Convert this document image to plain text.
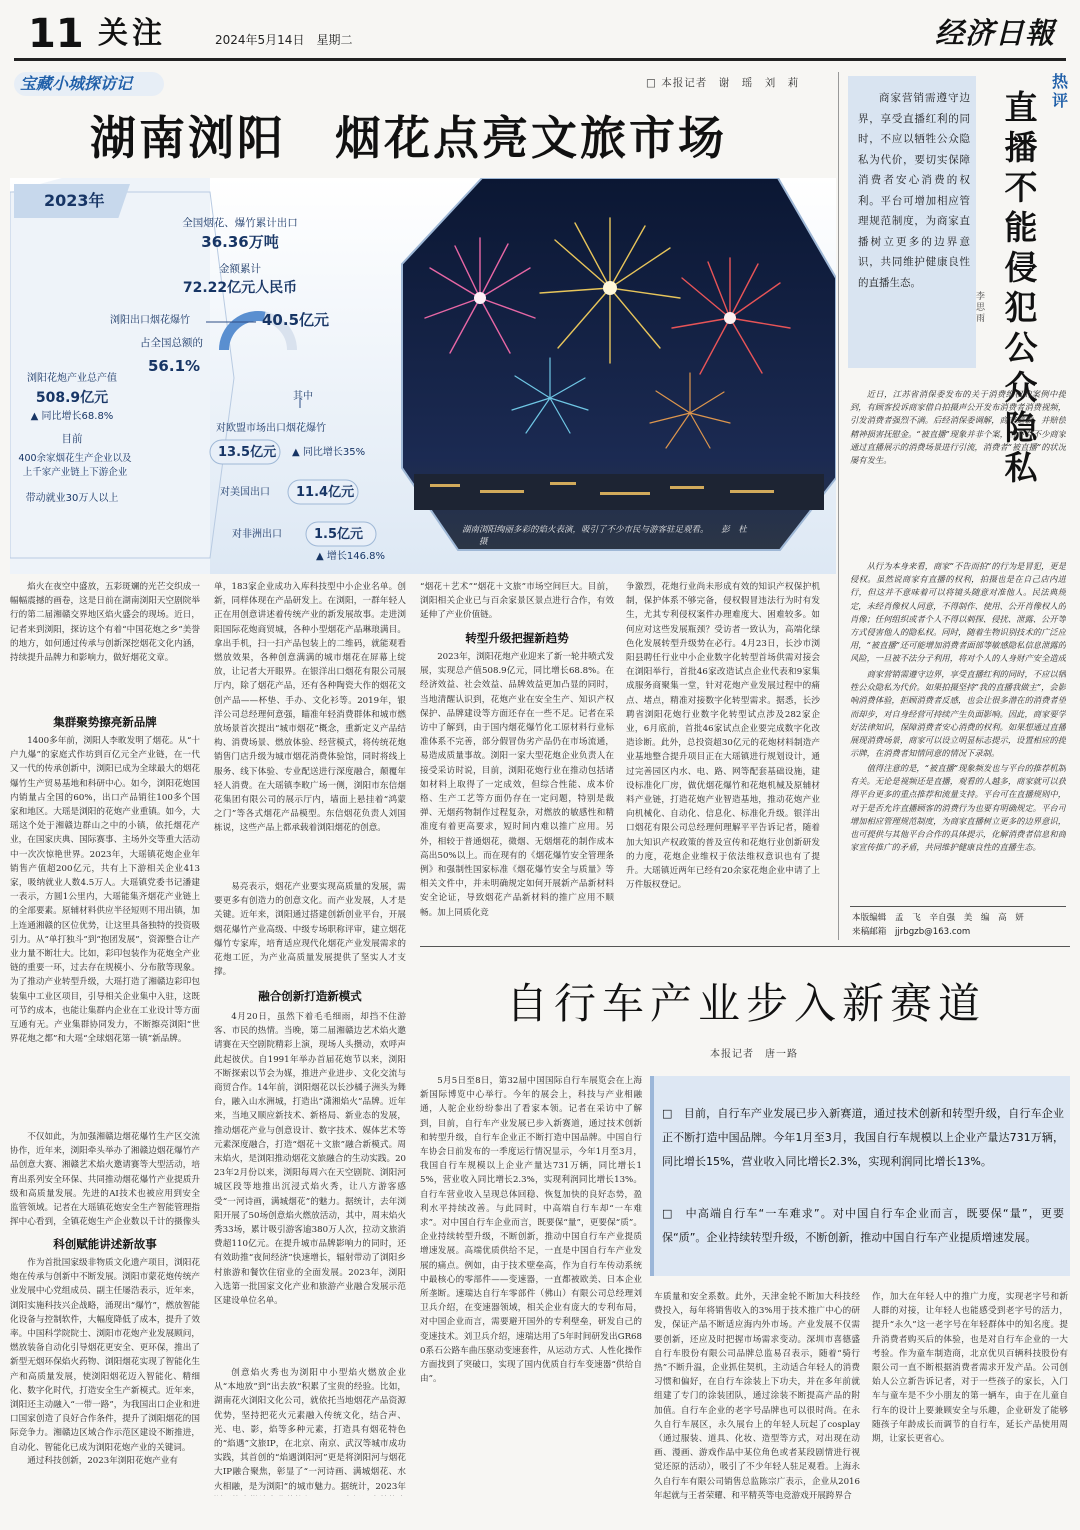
11 关注	2024年5月14日　星期二	经济日報
宝藏小城探访记	□ 本报记者　谢　瑶　刘　莉
湖南浏阳　烟花点亮文旅市场
2023年
全国烟花、爆竹累计出口
36.36万吨
金额累计
72.22亿元人民币
浏阳出口烟花爆竹	40.5亿元
占全国总额的
56.1%
浏阳花炮产业总产值
508.9亿元
▲ 同比增长68.8%
目前
400余家烟花生产企业以及上千家产业链上下游企业
带动就业30万人以上
其中
对欧盟市场出口烟花爆竹
13.5亿元 ▲ 同比增长35%
对美国出口 11.4亿元
对非洲出口 1.5亿元
▲ 增长146.8%
湖南浏阳绚丽多彩的焰火表演，吸引了不少市民与游客驻足观看。　　彭　杜 　　摄
焰火在夜空中盛放，五彩斑斓的光芒交织成一幅幅震撼的画卷，这是日前在湖南浏阳天空剧院举行的第二届湘赣交界地区焰火盛会的现场。近日，记者来到浏阳，探访这个有着“中国花炮之乡”美誉的地方，如何通过传承与创新深挖烟花文化内涵，持续提升品牌力和影响力，做好烟花文章。
集群聚势擦亮新品牌
1400多年前，浏阳人李畋发明了烟花。从“十户九爆”的家庭式作坊到百亿元全产业链，在一代又一代的传承创新中，浏阳已成为全球最大的烟花爆竹生产贸易基地和科研中心。如今，浏阳花炮国内销量占全国的60%，出口产品销往100多个国家和地区。大瑶是浏阳的花炮产业重镇。如今，大瑶这个处于湘赣边群山之中的小镇，依托烟花产业，在国家庆典、国际赛事、主场外交等重大活动中一次次惊艳世界。2023年，大瑶镇花炮企业年销售产值超200亿元，共有上下游相关企业413家，吸纳就业人数4.5万人。大瑶镇党委书记潘建一表示，方圆1公里内，大瑶能集齐烟花产业链上的全部要素。原辅材料供应半径短则不用出镇，加上连通湘赣的区位优势，让这里具备独特的投资吸引力。从“单打独斗”到“抱团发展”，资源整合让产业力量不断壮大。比如，彩印包装作为花炮全产业链的重要一环，过去存在规模小、分布散等现象。为了推动产业转型升级，大瑶打造了湘赣边彩印包装集中工业区项目，引导相关企业集中入驻，这既可节约成本，也能让集群内企业在工业设计等方面互通有无。产业集群协同发力，不断擦亮浏阳“世界花炮之都”和大瑶“全球烟花第一镇”新品牌。
不仅如此，为加强湘赣边烟花爆竹生产区交流协作，近年来，浏阳牵头举办了湘赣边烟花爆竹产品创意大赛、湘赣艺术焰火邀请赛等大型活动，培育出系列安全环保、共同推动烟花爆竹产业提质升级和高质量发展。先进的AI技术也被应用到安全监管领域。记者在大瑶镇花炮安全生产智能管理指挥中心看到，全镇花炮生产企业数以千计的摄像头
科创赋能讲述新故事
作为首批国家级非物质文化遗产项目，浏阳花炮在传承与创新中不断发展。浏阳市蒙花炮传统产业发展中心党组成员、副主任屡浩表示，近年来，浏阳实施科技兴企战略，涌现出“爆竹”，燃放智能化设备与控制软件，大幅度降低了成本，提升了效率。中国科学院院士、浏阳市花炮产业发展顾问，燃放装备自动化引导烟花更安全、更环保，推出了新型无烟环保焰火药物、浏阳烟花实现了智能化生产和高质量发展，使浏阳烟花迈入智能化、精细化、数字化时代，打造安全生产新模式。近年来，浏阳还主动融入“一带一路”，为我国出口企业和进口国家创造了良好合作条件，提升了浏阳烟花的国际竞争力。湘赣边区域合作示范区建设不断推进，自动化、智能化已成为浏阳花炮产业的关键词。
通过科技创新，2023年浏阳花炮产业有
单，183家企业成功入库科技型中小企业名单。创新，同样体现在产品研发上。在浏阳，一群年轻人正在用创意讲述着传统产业的新发展故事。走进浏阳国际花炮商贸城，各种小型烟花产品琳琅满目。拿出手机，扫一扫产品包装上的二维码，就能观看燃放效果，各种创意满满的城市烟花在屏幕上绽放，让记者大开眼界。在银洋出口烟花有限公司展厅内，除了烟花产品，还有各种陶瓷大作的烟花文创产品——杯垫、手办、文化衫等。2019年，银洋公司总经理何意强，瞄准年轻消费群体和城市燃放场景首次提出“城市烟花”概念，重新定义产品结构、消费场景、燃放体验、经营模式，将传统花炮销售门店升级为城市烟花消费体验馆，同时将线上服务、线下体验、专业配送进行深度融合，颠覆年轻人消费。在大瑶镇李畋广场一侧，浏阳市东信烟花集团有限公司的展示厅内，墙面上悬挂着“鸿蒙之门”等各式烟花产品模型。东信烟花负责人刘国栋说，这些产品上都承载着浏阳烟花的创意。
易亮表示，烟花产业要实现高质量的发展，需要更多有创造力的创意文化。而产业发展，人才是关键。近年来，浏阳通过搭建创新创业平台，开展烟花爆竹产业高级、中级专场职称评审，建立烟花爆竹专家库，培育适应现代化烟花产业发展需求的花炮工匠，为产业高质量发展提供了坚实人才支撑。
融合创新打造新模式
4月20日，虽然下着毛毛细雨，却挡不住游客、市民的热情。当晚，第二届湘赣边艺术焰火邀请赛在天空剧院精彩上演，现场人头攒动，欢呼声此起彼伏。自1991年举办首届花炮节以来，浏阳不断探索以节会为媒，推进产业进步、文化交流与商贸合作。14年前，浏阳烟花以长沙橘子洲头为舞台，融入山水洲城，打造出“潇湘焰火”品牌。近年来，当地又顺应新技术、新格局、新业态的发展，推动烟花产业与创意设计、数字技术、媒体艺术等元素深度融合，打造“烟花＋文旅”融合新模式。周末焰火，是浏阳推动烟花文旅融合的生动实践。2023年2月份以来，浏阳每周六在天空剧院、浏阳河城区段等地推出沉浸式焰火秀，让八方游客感受“一河诗画，满城烟花”的魅力。据统计，去年浏阳开展了50场创意焰火燃放活动，其中，周末焰火秀33场，累计吸引游客逾380万人次，拉动文旅消费超110亿元。在提升城市品牌影响力的同时，还有效助推“夜间经济”快速增长，辐射带动了浏阳乡村旅游和餐饮住宿业的全面发展。2023年，浏阳入选第一批国家文化产业和旅游产业融合发展示范区建设单位名单。
创意焰火秀也为浏阳中小型焰火燃放企业从“本地放”到“出去放”积累了宝贵的经验。比如，湖南花火浏阳文化公司，就依托当地烟花产品资源优势，坚持把花火元素融入传统文化，结合声、光、电、影，焰等多种元素，打造具有烟花特色的“焰遇”文旅IP，在北京、南京、武汉等城市成功实践，其首创的“焰遇浏阳河”更是将浏阳河与烟花大IP融合聚焦，彰显了“一河诗画、满城烟花、水火相融，是为浏阳”的城市魅力。据统计，2023年
“烟花＋艺术”“烟花＋文旅”市场空间巨大。目前，浏阳相关企业已与百余家景区景点进行合作，有效延伸了产业价值链。
转型升级把握新趋势
2023年，浏阳花炮产业迎来了新一轮井喷式发展，实现总产值508.9亿元，同比增长68.8%。在经济效益、社会效益、品牌效益更加凸显的同时，当地清醒认识到，花炮产业在安全生产、知识产权保护、品牌建设等方面还存在一些不足。记者在采访中了解到，由于国内烟花爆竹化工原材料行业标准体系不完善，部分假冒伪劣产品仍在市场流通，易造成质量事故。浏阳一家大型花炮企业负责人在接受采访时说，目前，浏阳花炮行业在推动包括诸如材料上取得了一定成效，但综合性能、成本价格、生产工艺等方面仍存在一定问题，特别是裁弹、无烟药物制作过程复杂，对燃放的敏感性和精准度有着更高要求，短时间内难以推广应用。另外，相较于普通烟花，微烟、无烟烟花的制作成本高出50%以上。而在现有的《烟花爆竹安全管理条例》和强制性国家标准《烟花爆竹安全与质量》等相关文件中，并未明确规定如何开展新产品新材料安全论证，导致烟花产品新材料的推广应用不顺畅。加上同质化竞
争激烈，花炮行业尚未形成有效的知识产权保护机制，保护体系不够完备，侵权假冒违法行为时有发生，尤其专利侵权案件办理难度大、困难较多。如何应对这些发展瓶颈？受访者一致认为，高端化绿色化发展转型升级势在必行。4月23日，长沙市浏阳县聘任行业中小企业数字化转型首场供需对接会在浏阳举行，首批46家改造试点企业代表和9家集成服务商聚集一堂，针对花炮产业发展过程中的痛点、堵点，精准对接数字化转型需求。据悉，长沙聘省浏阳花炮行业数字化转型试点涉及282家企业，6月底前，首批46家试点企业要完成数字化改造诊断。此外，总投资超30亿元的花炮材料制造产业基地整合提升项目正在大瑶镇进行规划设计，通过完善园区内水、电、路、网等配套基础设施，建设标准化厂房，做优烟花爆竹和花炮机械及原辅材料产业链，打造花炮产业智造基地，推动花炮产业向机械化、自动化、信息化、标准化升级。银洋出口烟花有限公司总经理何理解平平告诉记者，随着加大知识产权政策的普及宣传和花炮行业创新研发的力度，花炮企业维权于依法维权意识也有了提升。大瑶镇近两年已经有20余家花炮企业申请了上万件版权登记。
商家营销需遵守边界，享受直播红利的同时，不应以牺牲公众隐私为代价，要切实保障消费者安心消费的权利。平台可增加相应管理规范制度，为商家直播树立更多的边界意识，共同维护健康良性的直播生态。
李思雨
热评
直播不能侵犯公众隐私
近日，江苏省消保委发布的关于消费维权的案例中提到，有顾客投诉商家借自拍摄声公开发布消费者消费视频，引发消费者强烈不满。后经消保委调解，商家道歉，并赔偿精神损害抚慰金。“被直播”现象并非个案，当下有不少商家通过直播展示的消费场景进行引流，消费者“被直播”的状况屡有发生。
从行为本身来看，商家“不告而拍”的行为是冒犯，更是侵权。虽然说商家有直播的权利，拍摄也是在自己店内进行，但这并不意味着可以将镜头随意对准他人。民法典规定，未经肖像权人同意，不得制作、使用、公开肖像权人的肖像；任何组织或者个人不得以刺探、侵扰、泄露、公开等方式侵害他人的隐私权。同时，随着生物识别技术的广泛应用，“被直播”还可能增加消费者面部等敏感隐私信息泄露的风险，一旦被不法分子利用，将对个人的人身财产安全造成
商家营销需遵守边界，享受直播红利的同时，不应以牺牲公众隐私为代价。如果拍摄坚持“我的直播我做主”，会影响消费体验，拒顾消费者反感，也会让很多潜在的消费者望而却步，对自身经营可持续产生负面影响。因此，商家要学好法律知识，保障消费者安心消费的权利。如果想通过直播展现消费场景，商家可以设立明显标志提示，设置相应的提示牌，在消费者知情同意的情况下录制。
值得注意的是，“被直播”现象频发也与平台的推荐机制有关。无论是视频还是直播，观看的人越多，商家就可以获得平台更多的重点推荐和流量支持。平台可在直播规则中，对于是否允许直播顾客的消费行为也要有明确规定。平台可增加相应管理规范制度，为商家直播树立更多的边界意识，也可提供与其他平台合作的具体提示，化解消费者信息和商家宣传推广的矛盾，共同维护健康良性的直播生态。
本版编辑　孟　飞　辛自强　美　编　高　妍
来稿邮箱　jjrbgzb@163.com
自行车产业步入新赛道
本报记者　唐一路
□　目前，自行车产业发展已步入新赛道，通过技术创新和转型升级，自行车企业正不断打造中国品牌。今年1月至3月，我国自行车规模以上企业产量达731万辆，同比增长15%，营业收入同比增长2.3%，实现利润同比增长13%。
□　中高端自行车“一车难求”。对中国自行车企业而言，既要保“量”，更要保“质”。企业持续转型升级，不断创新，推动中国自行车产业提质增速发展。
5月5日至8日，第32届中国国际自行车展览会在上海新国际博览中心举行。今年的展会上，科技与产业相融通，人驼企业纷纷参出了看家本领。记者在采访中了解到，目前，自行车产业发展已步入新赛道，通过技术创新和转型升级，自行车企业正不断打造中国品牌。中国自行车协会日前发布的一季度运行情况显示，今年1月至3月，我国自行车规模以上企业产量达731万辆，同比增长15%，营业收入同比增长2.3%，实现利润同比增长13%。自行车营业收入呈现总体回稳、恢复加快的良好态势，盈利水平持续改善。与此同时，中高端自行车却“一车难求”。对中国自行车企业而言，既要保“量”，更要保“质”。企业持续转型升级，不断创新，推动中国自行车产业提质增速发展。高端优质供给不足，一直是中国自行车产业发展的痛点。例如，由于技术壁垒高，作为自行车传动系统中最核心的零部件——变速器，一直都被欧美、日本企业所垄断。速瑞达自行车零部件（佛山）有限公司总经理刘卫兵介绍，在变速器领域，相关企业有庞大的专利布局，对中国企业而言，需要避开国外的专利壁垒，研发自己的变速技术。刘卫兵介绍，速瑞达用了5年时间研发出GR680系石公路车曲压驱动变速套件，从运动方式、人性化操作方面找到了突破口，实现了国内优质自行车变速器“供给自由”。
车质量和安全系数。此外，天津金轮不断加大科技经费投入，每年将销售收入的3%用于技术推广中心的研发，保证产品不断适应海内外市场。产业发展不仅需要创新，还应及时把握市场需求变动。深圳市喜德盛自行车股份有限公司品牌总监易召表示，随着“骑行热”不断升温，企业抓住契机，主动适合年轻人的消费习惯和偏好，在自行车涂装上下功夫，并在多年前就组建了专门的涂装团队，通过涂装不断提高产品的附加值。自行车企业的老字号品牌也可以很时尚。在永久自行车展区，永久展台上的年轻人玩起了cosplay（通过服装、道具、化妆、造型等方式，对出现在动画、漫画、游戏作品中某位角色或者某段剧情进行视觉还原的活动），吸引了不少年轻人驻足观看。上海永久自行车有限公司销售总监陈宗广表示，企业从2016年起就与王者荣耀、和平精英等电竞游戏开展跨界合
作，加大在年轻人中的推广力度，实现老字号和新人群的对接，让年轻人也能感受到老字号的活力，提升“永久”这一老字号在年轻群体中的知名度。提升消费者购买后的体验，也是对自行车企业的一大考验。作为童车制造商，北京优贝百辆科技股份有限公司一直不断根据消费者需求开发产品。公司创始人公立新告诉记者，对于一些孩子的家长，入门车与童车是不少小朋友的第一辆车，由于在儿童自行车的设计上要兼顾安全与乐趣，企业研发了能够随孩子年龄成长而调节的自行车，延长产品使用周期，让家长更省心。
